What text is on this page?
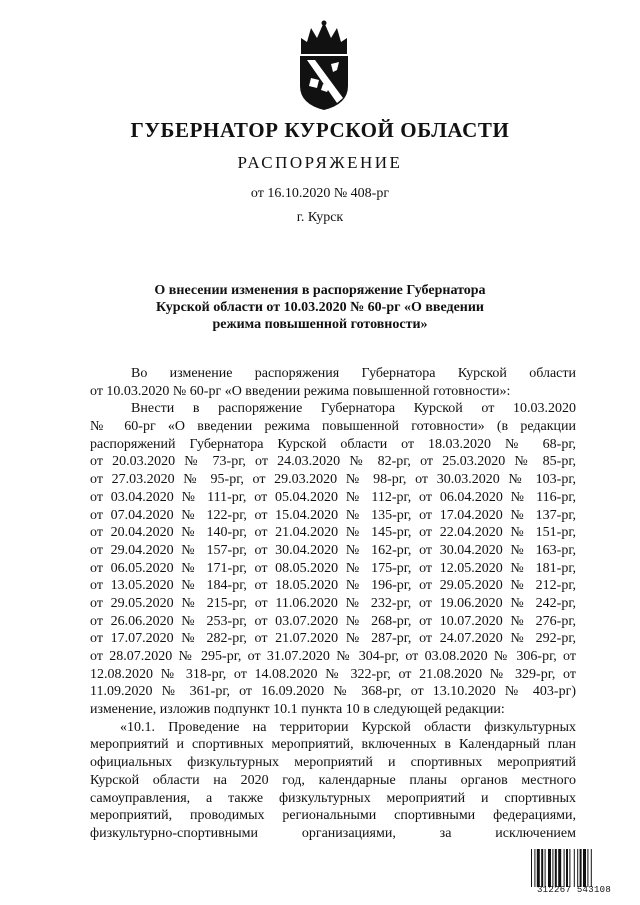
ГУБЕРНАТОР КУРСКОЙ ОБЛАСТИ
РАСПОРЯЖЕНИЕ
от 16.10.2020 № 408-рг
г. Курск
О внесении изменения в распоряжение Губернатора
Курской области от 10.03.2020 № 60-рг «О введении
режима повышенной готовности»
Во изменение распоряжения Губернатора Курской области
от 10.03.2020 № 60-рг «О введении режима повышенной готовности»:
Внести в распоряжение Губернатора Курской от 10.03.2020
№ 60-рг «О введении режима повышенной готовности» (в редакции
распоряжений Губернатора Курской области от 18.03.2020 № 68-рг,
от 20.03.2020 № 73-рг, от 24.03.2020 № 82-рг, от 25.03.2020 № 85-рг,
от 27.03.2020 № 95-рг, от 29.03.2020 № 98-рг, от 30.03.2020 № 103-рг,
от 03.04.2020 № 111-рг, от 05.04.2020 № 112-рг, от 06.04.2020 № 116-рг,
от 07.04.2020 № 122-рг, от 15.04.2020 № 135-рг, от 17.04.2020 № 137-рг,
от 20.04.2020 № 140-рг, от 21.04.2020 № 145-рг, от 22.04.2020 № 151-рг,
от 29.04.2020 № 157-рг, от 30.04.2020 № 162-рг, от 30.04.2020 № 163-рг,
от 06.05.2020 № 171-рг, от 08.05.2020 № 175-рг, от 12.05.2020 № 181-рг,
от 13.05.2020 № 184-рг, от 18.05.2020 № 196-рг, от 29.05.2020 № 212-рг,
от 29.05.2020 № 215-рг, от 11.06.2020 № 232-рг, от 19.06.2020 № 242-рг,
от 26.06.2020 № 253-рг, от 03.07.2020 № 268-рг, от 10.07.2020 № 276-рг,
от 17.07.2020 № 282-рг, от 21.07.2020 № 287-рг, от 24.07.2020 № 292-рг,
от 28.07.2020 № 295-рг, от 31.07.2020 № 304-рг, от 03.08.2020 № 306-рг, от
12.08.2020 № 318-рг, от 14.08.2020 № 322-рг, от 21.08.2020 № 329-рг, от
11.09.2020 № 361-рг, от 16.09.2020 № 368-рг, от 13.10.2020 № 403-рг)
изменение, изложив подпункт 10.1 пункта 10 в следующей редакции:
«10.1. Проведение на территории Курской области физкультурных
мероприятий и спортивных мероприятий, включенных в Календарный план
официальных физкультурных мероприятий и спортивных мероприятий
Курской области на 2020 год, календарные планы органов местного
самоуправления, а также физкультурных мероприятий и спортивных
мероприятий, проводимых региональными спортивными федерациями,
физкультурно-спортивными организациями, за исключением
312267 543108
